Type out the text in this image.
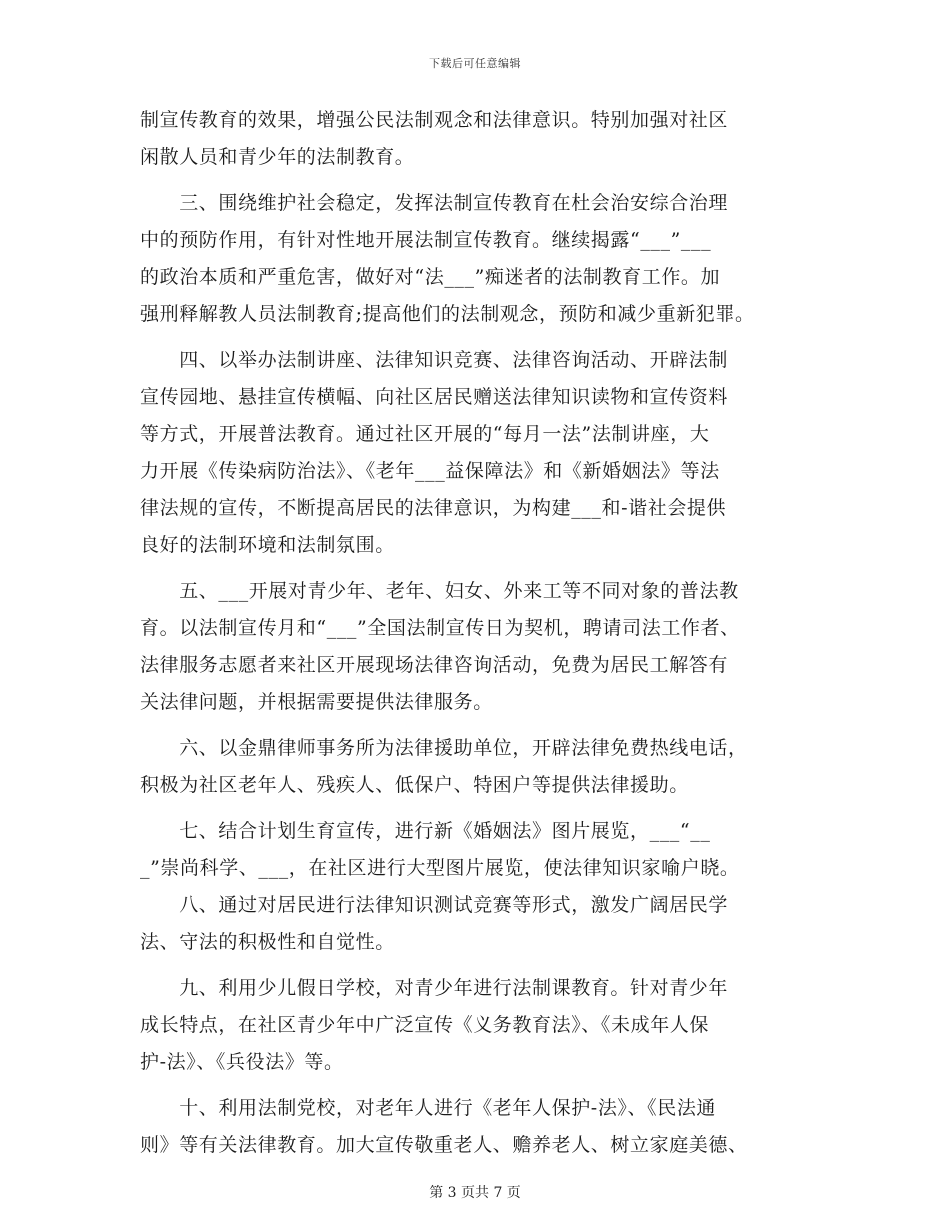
下载后可任意编辑

制宣传教育的效果，增强公民法制观念和法律意识。特别加强对社区

闲散人员和青少年的法制教育。

　　三、围绕维护社会稳定，发挥法制宣传教育在杜会治安综合治理

中的预防作用，有针对性地开展法制宣传教育。继续揭露“___”___

的政治本质和严重危害，做好对“法___”痴迷者的法制教育工作。加

强刑释解教人员法制教育;提高他们的法制观念，预防和减少重新犯罪。

　　四、以举办法制讲座、法律知识竞赛、法律咨询活动、开辟法制

宣传园地、悬挂宣传横幅、向社区居民赠送法律知识读物和宣传资料

等方式，开展普法教育。通过社区开展的“每月一法”法制讲座，大

力开展《传染病防治法》、《老年___益保障法》和《新婚姻法》等法

律法规的宣传，不断提高居民的法律意识，为构建___和-谐社会提供

良好的法制环境和法制氛围。

　　五、___开展对青少年、老年、妇女、外来工等不同对象的普法教

育。以法制宣传月和“___”全国法制宣传日为契机，聘请司法工作者、

法律服务志愿者来社区开展现场法律咨询活动，免费为居民工解答有

关法律问题，并根据需要提供法律服务。

　　六、以金鼎律师事务所为法律援助单位，开辟法律免费热线电话，

积极为社区老年人、残疾人、低保户、特困户等提供法律援助。

　　七、结合计划生育宣传，进行新《婚姻法》图片展览，___“__

_”崇尚科学、___，在社区进行大型图片展览，使法律知识家喻户晓。

　　八、通过对居民进行法律知识测试竞赛等形式，激发广阔居民学

法、守法的积极性和自觉性。

　　九、利用少儿假日学校，对青少年进行法制课教育。针对青少年

成长特点，在社区青少年中广泛宣传《义务教育法》、《未成年人保

护-法》、《兵役法》等。

　　十、利用法制党校，对老年人进行《老年人保护-法》、《民法通

则》等有关法律教育。加大宣传敬重老人、赡养老人、树立家庭美德、

第 3 页共 7 页
